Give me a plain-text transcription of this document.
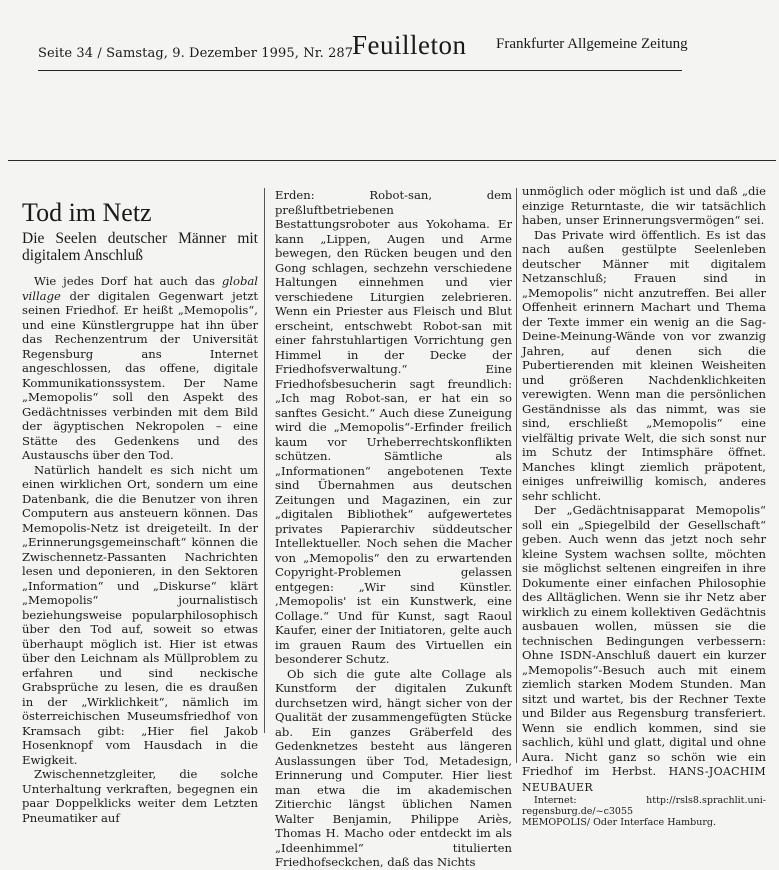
Seite 34 / Samstag, 9. Dezember 1995, Nr. 287
Feuilleton Frankfurter Allgemeine Zeitung
Tod im Netz
Die Seelen deutscher Männer mit digitalem Anschluß

Wie jedes Dorf hat auch das global village der digitalen Gegenwart jetzt seinen Friedhof. Er heißt „Memopolis“, und eine Künstlergruppe hat ihn über das Rechenzentrum der Universität Regensburg ans Internet angeschlossen, das offene, digitale Kommunikationssystem. Der Name „Memopolis“ soll den Aspekt des Gedächtnisses verbinden mit dem Bild der ägyptischen Nekropolen – eine Stätte des Gedenkens und des Austauschs über den Tod.

Natürlich handelt es sich nicht um einen wirklichen Ort, sondern um eine Datenbank, die die Benutzer von ihren Computern aus ansteuern können. Das Memopolis-Netz ist dreigeteilt. In der „Erinnerungsgemeinschaft“ können die Zwischennetz-Passanten Nachrichten lesen und deponieren, in den Sektoren „Information“ und „Diskurse“ klärt „Memopolis“ journalistisch beziehungsweise popularphilosophisch über den Tod auf, soweit so etwas überhaupt möglich ist. Hier ist etwas über den Leichnam als Müllproblem zu erfahren und sind neckische Grabsprüche zu lesen, die es draußen in der „Wirklichkeit“, nämlich im österreichischen Museumsfriedhof von Kramsach gibt: „Hier fiel Jakob Hosenknopf vom Hausdach in die Ewigkeit.

Zwischennetzgleiter, die solche Unterhaltung verkraften, begegnen ein paar Doppelklicks weiter dem Letzten Pneumatiker auf

Erden: Robot-san, dem preßluftbetriebenen Bestattungsroboter aus Yokohama. Er kann „Lippen, Augen und Arme bewegen, den Rücken beugen und den Gong schlagen, sechzehn verschiedene Haltungen einnehmen und vier verschiedene Liturgien zelebrieren. Wenn ein Priester aus Fleisch und Blut erscheint, entschwebt Robot-san mit einer fahrstuhlartigen Vorrichtung gen Himmel in der Decke der Friedhofsverwaltung.“ Eine Friedhofsbesucherin sagt freundlich: „Ich mag Robot-san, er hat ein so sanftes Gesicht.“ Auch diese Zuneigung wird die „Memopolis“-Erfinder freilich kaum vor Urheberrechtskonflikten schützen. Sämtliche als „Informationen“ angebotenen Texte sind Übernahmen aus deutschen Zeitungen und Magazinen, ein zur „digitalen Bibliothek“ aufgewertetes privates Papierarchiv süddeutscher Intellektueller. Noch sehen die Macher von „Memopolis“ den zu erwartenden Copyright-Problemen gelassen entgegen: „Wir sind Künstler. ,Memopolis' ist ein Kunstwerk, eine Collage.“ Und für Kunst, sagt Raoul Kaufer, einer der Initiatoren, gelte auch im grauen Raum des Virtuellen ein besonderer Schutz.

Ob sich die gute alte Collage als Kunstform der digitalen Zukunft durchsetzen wird, hängt sicher von der Qualität der zusammengefügten Stücke ab. Ein ganzes Gräberfeld des Gedenknetzes besteht aus längeren Auslassungen über Tod, Metadesign, Erinnerung und Computer. Hier liest man etwa die im akademischen Zitierchic längst üblichen Namen Walter Benjamin, Philippe Ariès, Thomas H. Macho oder entdeckt im als „Ideenhimmel“ titulierten Friedhofseckchen, daß das Nichts

unmöglich oder möglich ist und daß „die einzige Returntaste, die wir tatsächlich haben, unser Erinnerungsvermögen“ sei.

Das Private wird öffentlich. Es ist das nach außen gestülpte Seelenleben deutscher Männer mit digitalem Netzanschluß; Frauen sind in „Memopolis“ nicht anzutreffen. Bei aller Offenheit erinnern Machart und Thema der Texte immer ein wenig an die Sag-Deine-Meinung-Wände von vor zwanzig Jahren, auf denen sich die Pubertierenden mit kleinen Weisheiten und größeren Nachdenklichkeiten verewigten. Wenn man die persönlichen Geständnisse als das nimmt, was sie sind, erschließt „Memopolis“ eine vielfältig private Welt, die sich sonst nur im Schutz der Intimsphäre öffnet. Manches klingt ziemlich präpotent, einiges unfreiwillig komisch, anderes sehr schlicht.

Der „Gedächtnisapparat Memopolis“ soll ein „Spiegelbild der Gesellschaft“ geben. Auch wenn das jetzt noch sehr kleine System wachsen sollte, möchten sie möglichst seltenen eingreifen in ihre Dokumente einer einfachen Philosophie des Alltäglichen. Wenn sie ihr Netz aber wirklich zu einem kollektiven Gedächtnis ausbauen wollen, müssen sie die technischen Bedingungen verbessern: Ohne ISDN-Anschluß dauert ein kurzer „Memopolis“-Besuch auch mit einem ziemlich starken Modem Stunden. Man sitzt und wartet, bis der Rechner Texte und Bilder aus Regensburg transferiert. Wenn sie endlich kommen, sind sie sachlich, kühl und glatt, digital und ohne Aura. Nicht ganz so schön wie ein Friedhof im Herbst. HANS-JOACHIM NEUBAUER

Internet: http://rsls8.sprachlit.uni-regensburg.de/~c3055
MEMOPOLIS/ Oder Interface Hamburg.
